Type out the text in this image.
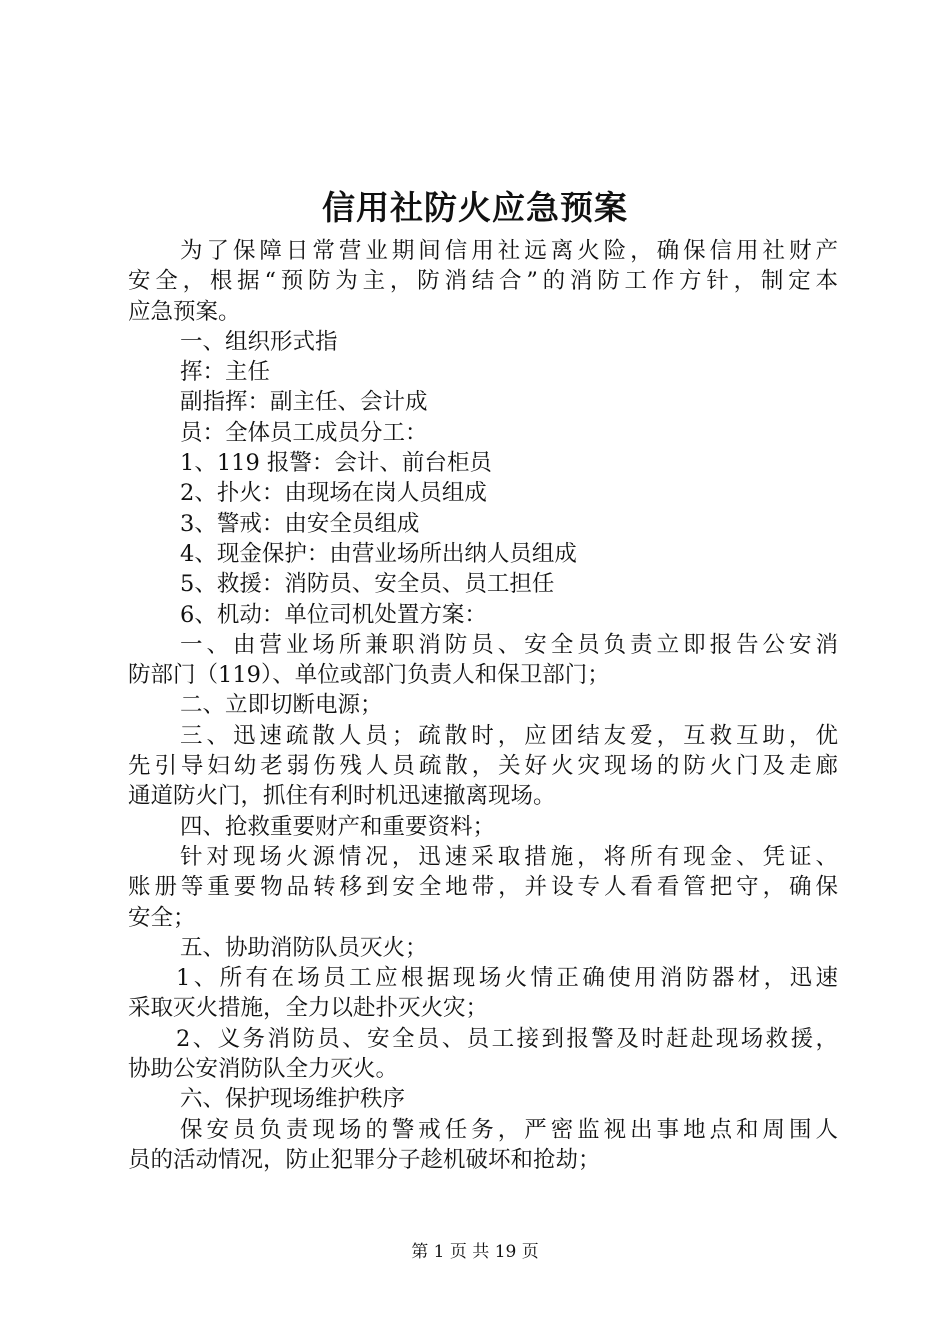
信用社防火应急预案
为了保障日常营业期间信用社远离火险，确保信用社财产
安全，根据“预防为主，防消结合”的消防工作方针，制定本
应急预案。
一、组织形式指
挥：主任
副指挥：副主任、会计成
员：全体员工成员分工：
1、119 报警：会计、前台柜员
2、扑火：由现场在岗人员组成
3、警戒：由安全员组成
4、现金保护：由营业场所出纳人员组成
5、救援：消防员、安全员、员工担任
6、机动：单位司机处置方案：
一、由营业场所兼职消防员、安全员负责立即报告公安消
防部门（119）、单位或部门负责人和保卫部门；
二、立即切断电源；
三、迅速疏散人员；疏散时，应团结友爱，互救互助，优
先引导妇幼老弱伤残人员疏散，关好火灾现场的防火门及走廊
通道防火门，抓住有利时机迅速撤离现场。
四、抢救重要财产和重要资料；
针对现场火源情况，迅速采取措施，将所有现金、凭证、
账册等重要物品转移到安全地带，并设专人看看管把守，确保
安全；
五、协助消防队员灭火；
1、所有在场员工应根据现场火情正确使用消防器材，迅速
采取灭火措施，全力以赴扑灭火灾；
2、义务消防员、安全员、员工接到报警及时赶赴现场救援，
协助公安消防队全力灭火。
六、保护现场维护秩序
保安员负责现场的警戒任务，严密监视出事地点和周围人
员的活动情况，防止犯罪分子趁机破坏和抢劫；
第 1 页 共 19 页
